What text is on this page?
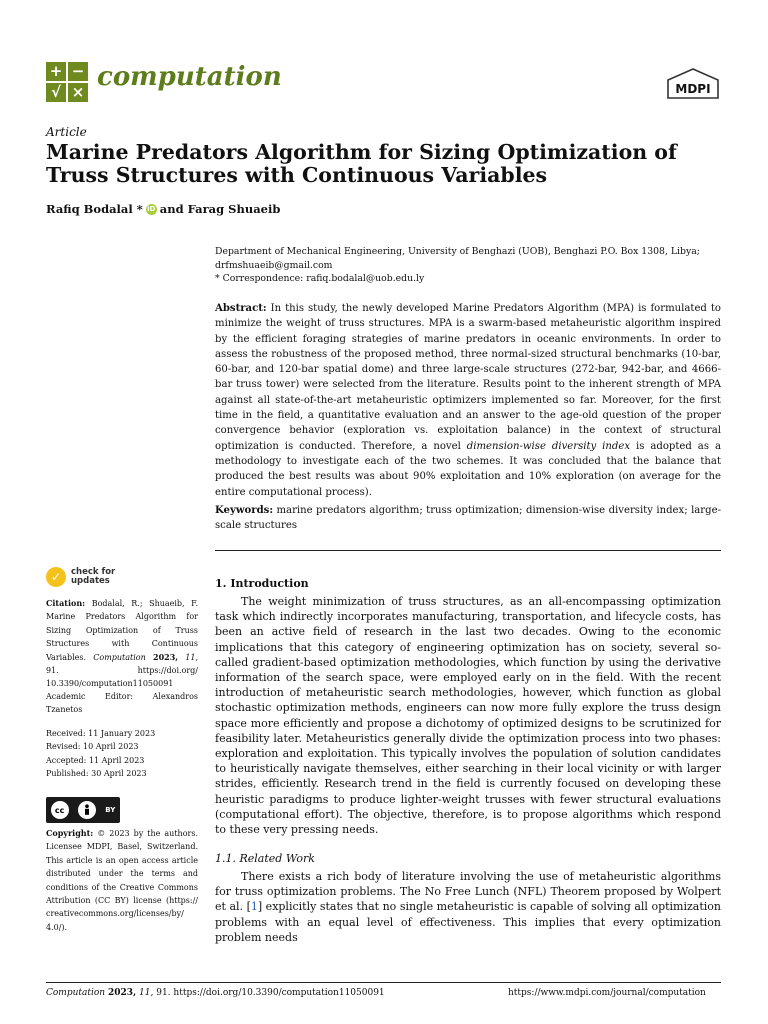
+ −
√ × computation	MDPI
Article
Marine Predators Algorithm for Sizing Optimization of Truss Structures with Continuous Variables
Rafiq Bodalal * iD and Farag Shuaeib
Department of Mechanical Engineering, University of Benghazi (UOB), Benghazi P.O. Box 1308, Libya;
drfmshuaeib@gmail.com
* Correspondence: rafiq.bodalal@uob.edu.ly
Abstract: In this study, the newly developed Marine Predators Algorithm (MPA) is formulated to minimize the weight of truss structures. MPA is a swarm-based metaheuristic algorithm inspired by the efficient foraging strategies of marine predators in oceanic environments. In order to assess the robustness of the proposed method, three normal-sized structural benchmarks (10-bar, 60-bar, and 120-bar spatial dome) and three large-scale structures (272-bar, 942-bar, and 4666-bar truss tower) were selected from the literature. Results point to the inherent strength of MPA against all state-of-the-art metaheuristic optimizers implemented so far. Moreover, for the first time in the field, a quantitative evaluation and an answer to the age-old question of the proper convergence behavior (exploration vs. exploitation balance) in the context of structural optimization is conducted. Therefore, a novel dimension-wise diversity index is adopted as a methodology to investigate each of the two schemes. It was concluded that the balance that produced the best results was about 90% exploitation and 10% exploration (on average for the entire computational process).
Keywords: marine predators algorithm; truss optimization; dimension-wise diversity index; large-scale structures
✓	check for
updates
Citation: Bodalal, R.; Shuaeib, F. Marine Predators Algorithm for Sizing Optimization of Truss Structures with Continuous Variables. Computation 2023, 11, 91. https://doi.org/ 10.3390/computation11050091
Academic Editor: Alexandros Tzanetos
Received: 11 January 2023
Revised: 10 April 2023
Accepted: 11 April 2023
Published: 30 April 2023
cc	BY
Copyright: © 2023 by the authors. Licensee MDPI, Basel, Switzerland. This article is an open access article distributed under the terms and conditions of the Creative Commons Attribution (CC BY) license (https:// creativecommons.org/licenses/by/ 4.0/).
1. Introduction
The weight minimization of truss structures, as an all-encompassing optimization task which indirectly incorporates manufacturing, transportation, and lifecycle costs, has been an active field of research in the last two decades. Owing to the economic implications that this category of engineering optimization has on society, several so-called gradient-based optimization methodologies, which function by using the derivative information of the search space, were employed early on in the field. With the recent introduction of metaheuristic search methodologies, however, which function as global stochastic optimization methods, engineers can now more fully explore the truss design space more efficiently and propose a dichotomy of optimized designs to be scrutinized for feasibility later. Metaheuristics generally divide the optimization process into two phases: exploration and exploitation. This typically involves the population of solution candidates to heuristically navigate themselves, either searching in their local vicinity or with larger strides, efficiently. Research trend in the field is currently focused on developing these heuristic paradigms to produce lighter-weight trusses with fewer structural evaluations (computational effort). The objective, therefore, is to propose algorithms which respond to these very pressing needs.
1.1. Related Work
There exists a rich body of literature involving the use of metaheuristic algorithms for truss optimization problems. The No Free Lunch (NFL) Theorem proposed by Wolpert et al. [1] explicitly states that no single metaheuristic is capable of solving all optimization problems with an equal level of effectiveness. This implies that every optimization problem needs
Computation 2023, 11, 91. https://doi.org/10.3390/computation11050091	https://www.mdpi.com/journal/computation
